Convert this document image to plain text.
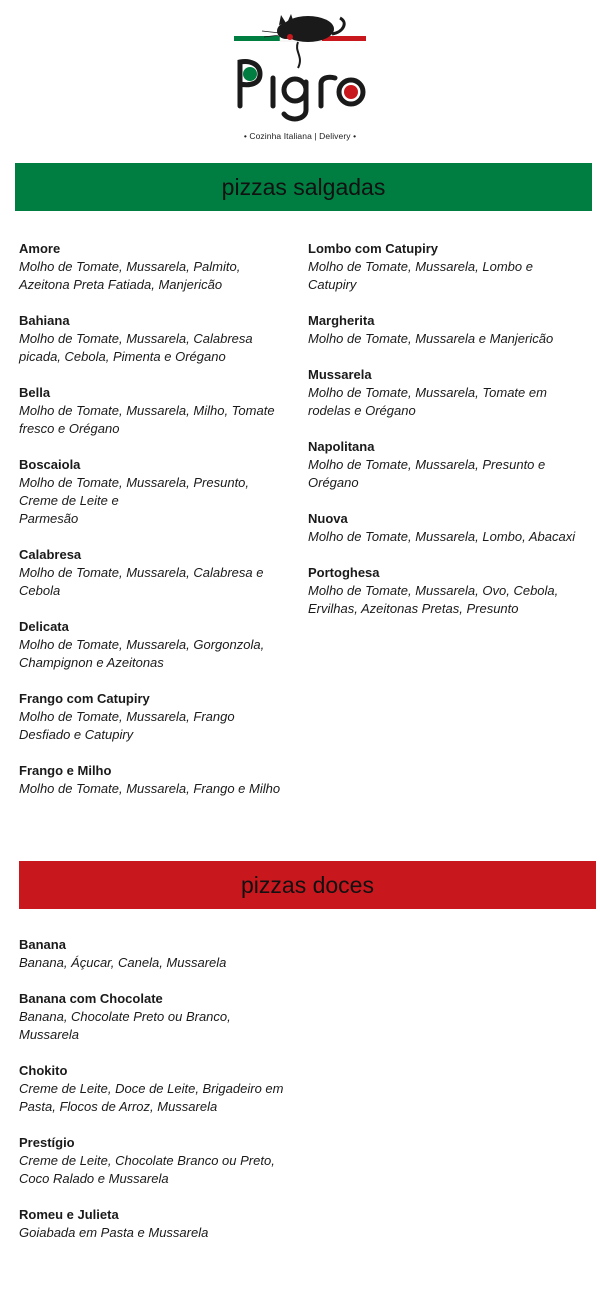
• Cozinha Italiana | Delivery •
pizzas salgadas
Amore
Molho de Tomate, Mussarela, Palmito, Azeitona Preta Fatiada, Manjericão
Bahiana
Molho de Tomate, Mussarela, Calabresa picada, Cebola, Pimenta e Orégano
Bella
Molho de Tomate, Mussarela, Milho, Tomate fresco e Orégano
Boscaiola
Molho de Tomate, Mussarela, Presunto, Creme de Leite e
Parmesão
Calabresa
Molho de Tomate, Mussarela, Calabresa e Cebola
Delicata
Molho de Tomate, Mussarela, Gorgonzola, Champignon e Azeitonas
Frango com Catupiry
Molho de Tomate, Mussarela, Frango Desfiado e Catupiry
Frango e Milho
Molho de Tomate, Mussarela, Frango e Milho
Lombo com Catupiry
Molho de Tomate, Mussarela, Lombo e Catupiry
Margherita
Molho de Tomate, Mussarela e Manjericão
Mussarela
Molho de Tomate, Mussarela, Tomate em rodelas e Orégano
Napolitana
Molho de Tomate, Mussarela, Presunto e Orégano
Nuova
Molho de Tomate, Mussarela, Lombo, Abacaxi
Portoghesa
Molho de Tomate, Mussarela, Ovo, Cebola, Ervilhas, Azeitonas Pretas, Presunto
pizzas doces
Banana
Banana, Áçucar, Canela, Mussarela
Banana com Chocolate
Banana, Chocolate Preto ou Branco, Mussarela
Chokito
Creme de Leite, Doce de Leite, Brigadeiro em Pasta, Flocos de Arroz, Mussarela
Prestígio
Creme de Leite, Chocolate Branco ou Preto, Coco Ralado e Mussarela
Romeu e Julieta
Goiabada em Pasta e Mussarela
